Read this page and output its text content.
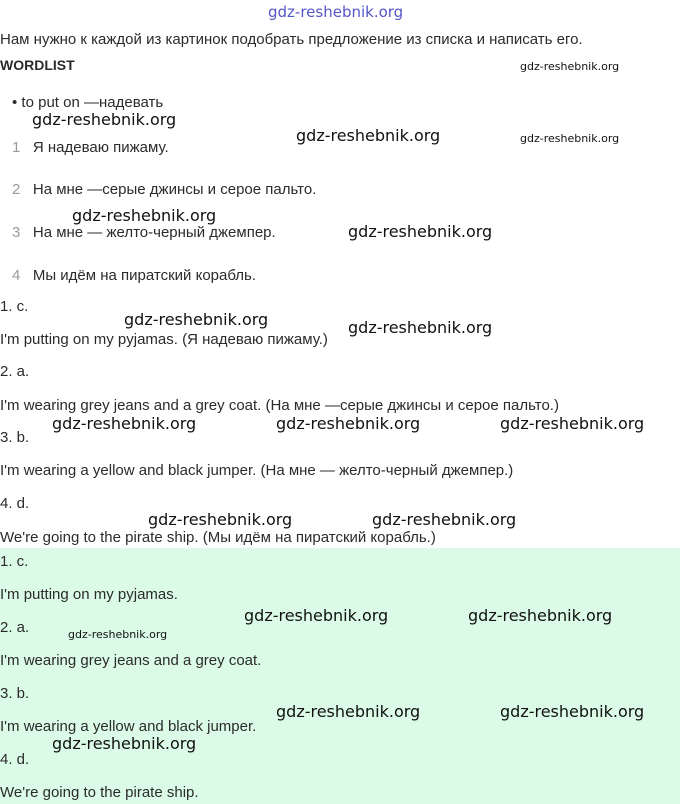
gdz-reshebnik.org
Нам нужно к каждой из картинок подобрать предложение из списка и написать его.
WORDLIST
• to put on —надевать
1 Я надеваю пижаму.
2 На мне —серые джинсы и серое пальто.
3 На мне — желто-черный джемпер.
4 Мы идём на пиратский корабль.
1. c.
I'm putting on my pyjamas. (Я надеваю пижаму.)
2. a.
I'm wearing grey jeans and a grey coat. (На мне —серые джинсы и серое пальто.)
3. b.
I'm wearing a yellow and black jumper. (На мне — желто-черный джемпер.)
4. d.
We're going to the pirate ship. (Мы идём на пиратский корабль.)
1. c.
I'm putting on my pyjamas.
2. a.
I'm wearing grey jeans and a grey coat.
3. b.
I'm wearing a yellow and black jumper.
4. d.
We're going to the pirate ship.
gdz-reshebnik.org
gdz-reshebnik.org
gdz-reshebnik.org
gdz-reshebnik.org
gdz-reshebnik.org	gdz-reshebnik.org
gdz-reshebnik.org	gdz-reshebnik.org	gdz-reshebnik.org
gdz-reshebnik.org	gdz-reshebnik.org
gdz-reshebnik.org	gdz-reshebnik.org
gdz-reshebnik.org	gdz-reshebnik.org
gdz-reshebnik.org
gdz-reshebnik.org
gdz-reshebnik.org
gdz-reshebnik.org
